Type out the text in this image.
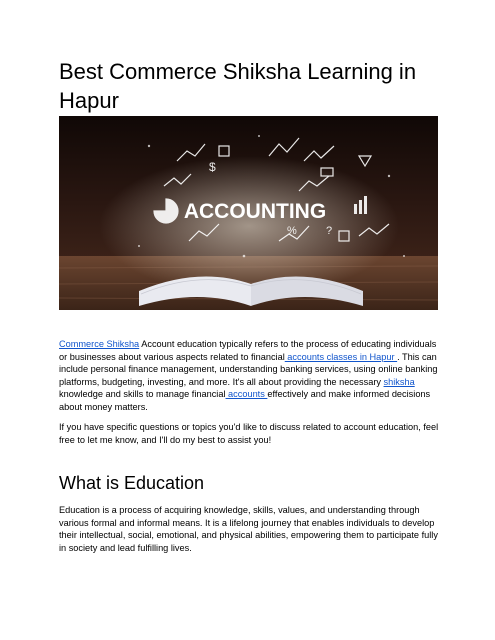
Best Commerce Shiksha Learning in Hapur
$
%	?
ACCOUNTING

Commerce Shiksha Account education typically refers to the process of educating individuals or businesses about various aspects related to financial accounts classes in Hapur . This can include personal finance management, understanding banking services, using online banking platforms, budgeting, investing, and more. It's all about providing the necessary shiksha knowledge and skills to manage financial accounts effectively and make informed decisions about money matters.

If you have specific questions or topics you'd like to discuss related to account education, feel free to let me know, and I'll do my best to assist you!

What is Education

Education is a process of acquiring knowledge, skills, values, and understanding through various formal and informal means. It is a lifelong journey that enables individuals to develop their intellectual, social, emotional, and physical abilities, empowering them to participate fully in society and lead fulfilling lives.
